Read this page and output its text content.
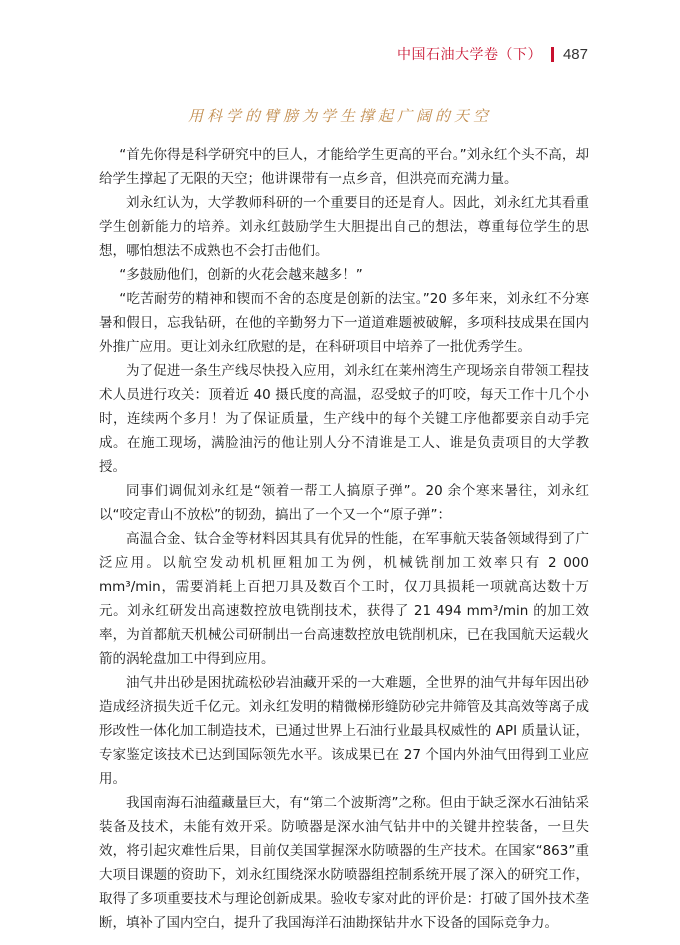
中国石油大学卷（下） 487
用科学的臂膀为学生撑起广阔的天空

“首先你得是科学研究中的巨人，才能给学生更高的平台。”刘永红个头不高，却给学生撑起了无限的天空；他讲课带有一点乡音，但洪亮而充满力量。

刘永红认为，大学教师科研的一个重要目的还是育人。因此，刘永红尤其看重学生创新能力的培养。刘永红鼓励学生大胆提出自己的想法，尊重每位学生的思想，哪怕想法不成熟也不会打击他们。

“多鼓励他们，创新的火花会越来越多！”

“吃苦耐劳的精神和锲而不舍的态度是创新的法宝。”20 多年来，刘永红不分寒暑和假日，忘我钻研，在他的辛勤努力下一道道难题被破解，多项科技成果在国内外推广应用。更让刘永红欣慰的是，在科研项目中培养了一批优秀学生。

为了促进一条生产线尽快投入应用，刘永红在莱州湾生产现场亲自带领工程技术人员进行攻关：顶着近 40 摄氏度的高温，忍受蚊子的叮咬，每天工作十几个小时，连续两个多月！为了保证质量，生产线中的每个关键工序他都要亲自动手完成。在施工现场，满脸油污的他让别人分不清谁是工人、谁是负责项目的大学教授。

同事们调侃刘永红是“领着一帮工人搞原子弹”。20 余个寒来暑往，刘永红以“咬定青山不放松”的韧劲，搞出了一个又一个“原子弹”：

高温合金、钛合金等材料因其具有优异的性能，在军事航天装备领域得到了广泛应用。以航空发动机机匣粗加工为例，机械铣削加工效率只有 2 000 mm³/min，需要消耗上百把刀具及数百个工时，仅刀具损耗一项就高达数十万元。刘永红研发出高速数控放电铣削技术，获得了 21 494 mm³/min 的加工效率，为首都航天机械公司研制出一台高速数控放电铣削机床，已在我国航天运载火箭的涡轮盘加工中得到应用。

油气井出砂是困扰疏松砂岩油藏开采的一大难题，全世界的油气井每年因出砂造成经济损失近千亿元。刘永红发明的精微梯形缝防砂完井筛管及其高效等离子成形改性一体化加工制造技术，已通过世界上石油行业最具权威性的 API 质量认证，专家鉴定该技术已达到国际领先水平。该成果已在 27 个国内外油气田得到工业应用。

我国南海石油蕴藏量巨大，有“第二个波斯湾”之称。但由于缺乏深水石油钻采装备及技术，未能有效开采。防喷器是深水油气钻井中的关键井控装备，一旦失效，将引起灾难性后果，目前仅美国掌握深水防喷器的生产技术。在国家“863”重大项目课题的资助下，刘永红围绕深水防喷器组控制系统开展了深入的研究工作，取得了多项重要技术与理论创新成果。验收专家对此的评价是：打破了国外技术垄断，填补了国内空白，提升了我国海洋石油勘探钻井水下设备的国际竞争力。
